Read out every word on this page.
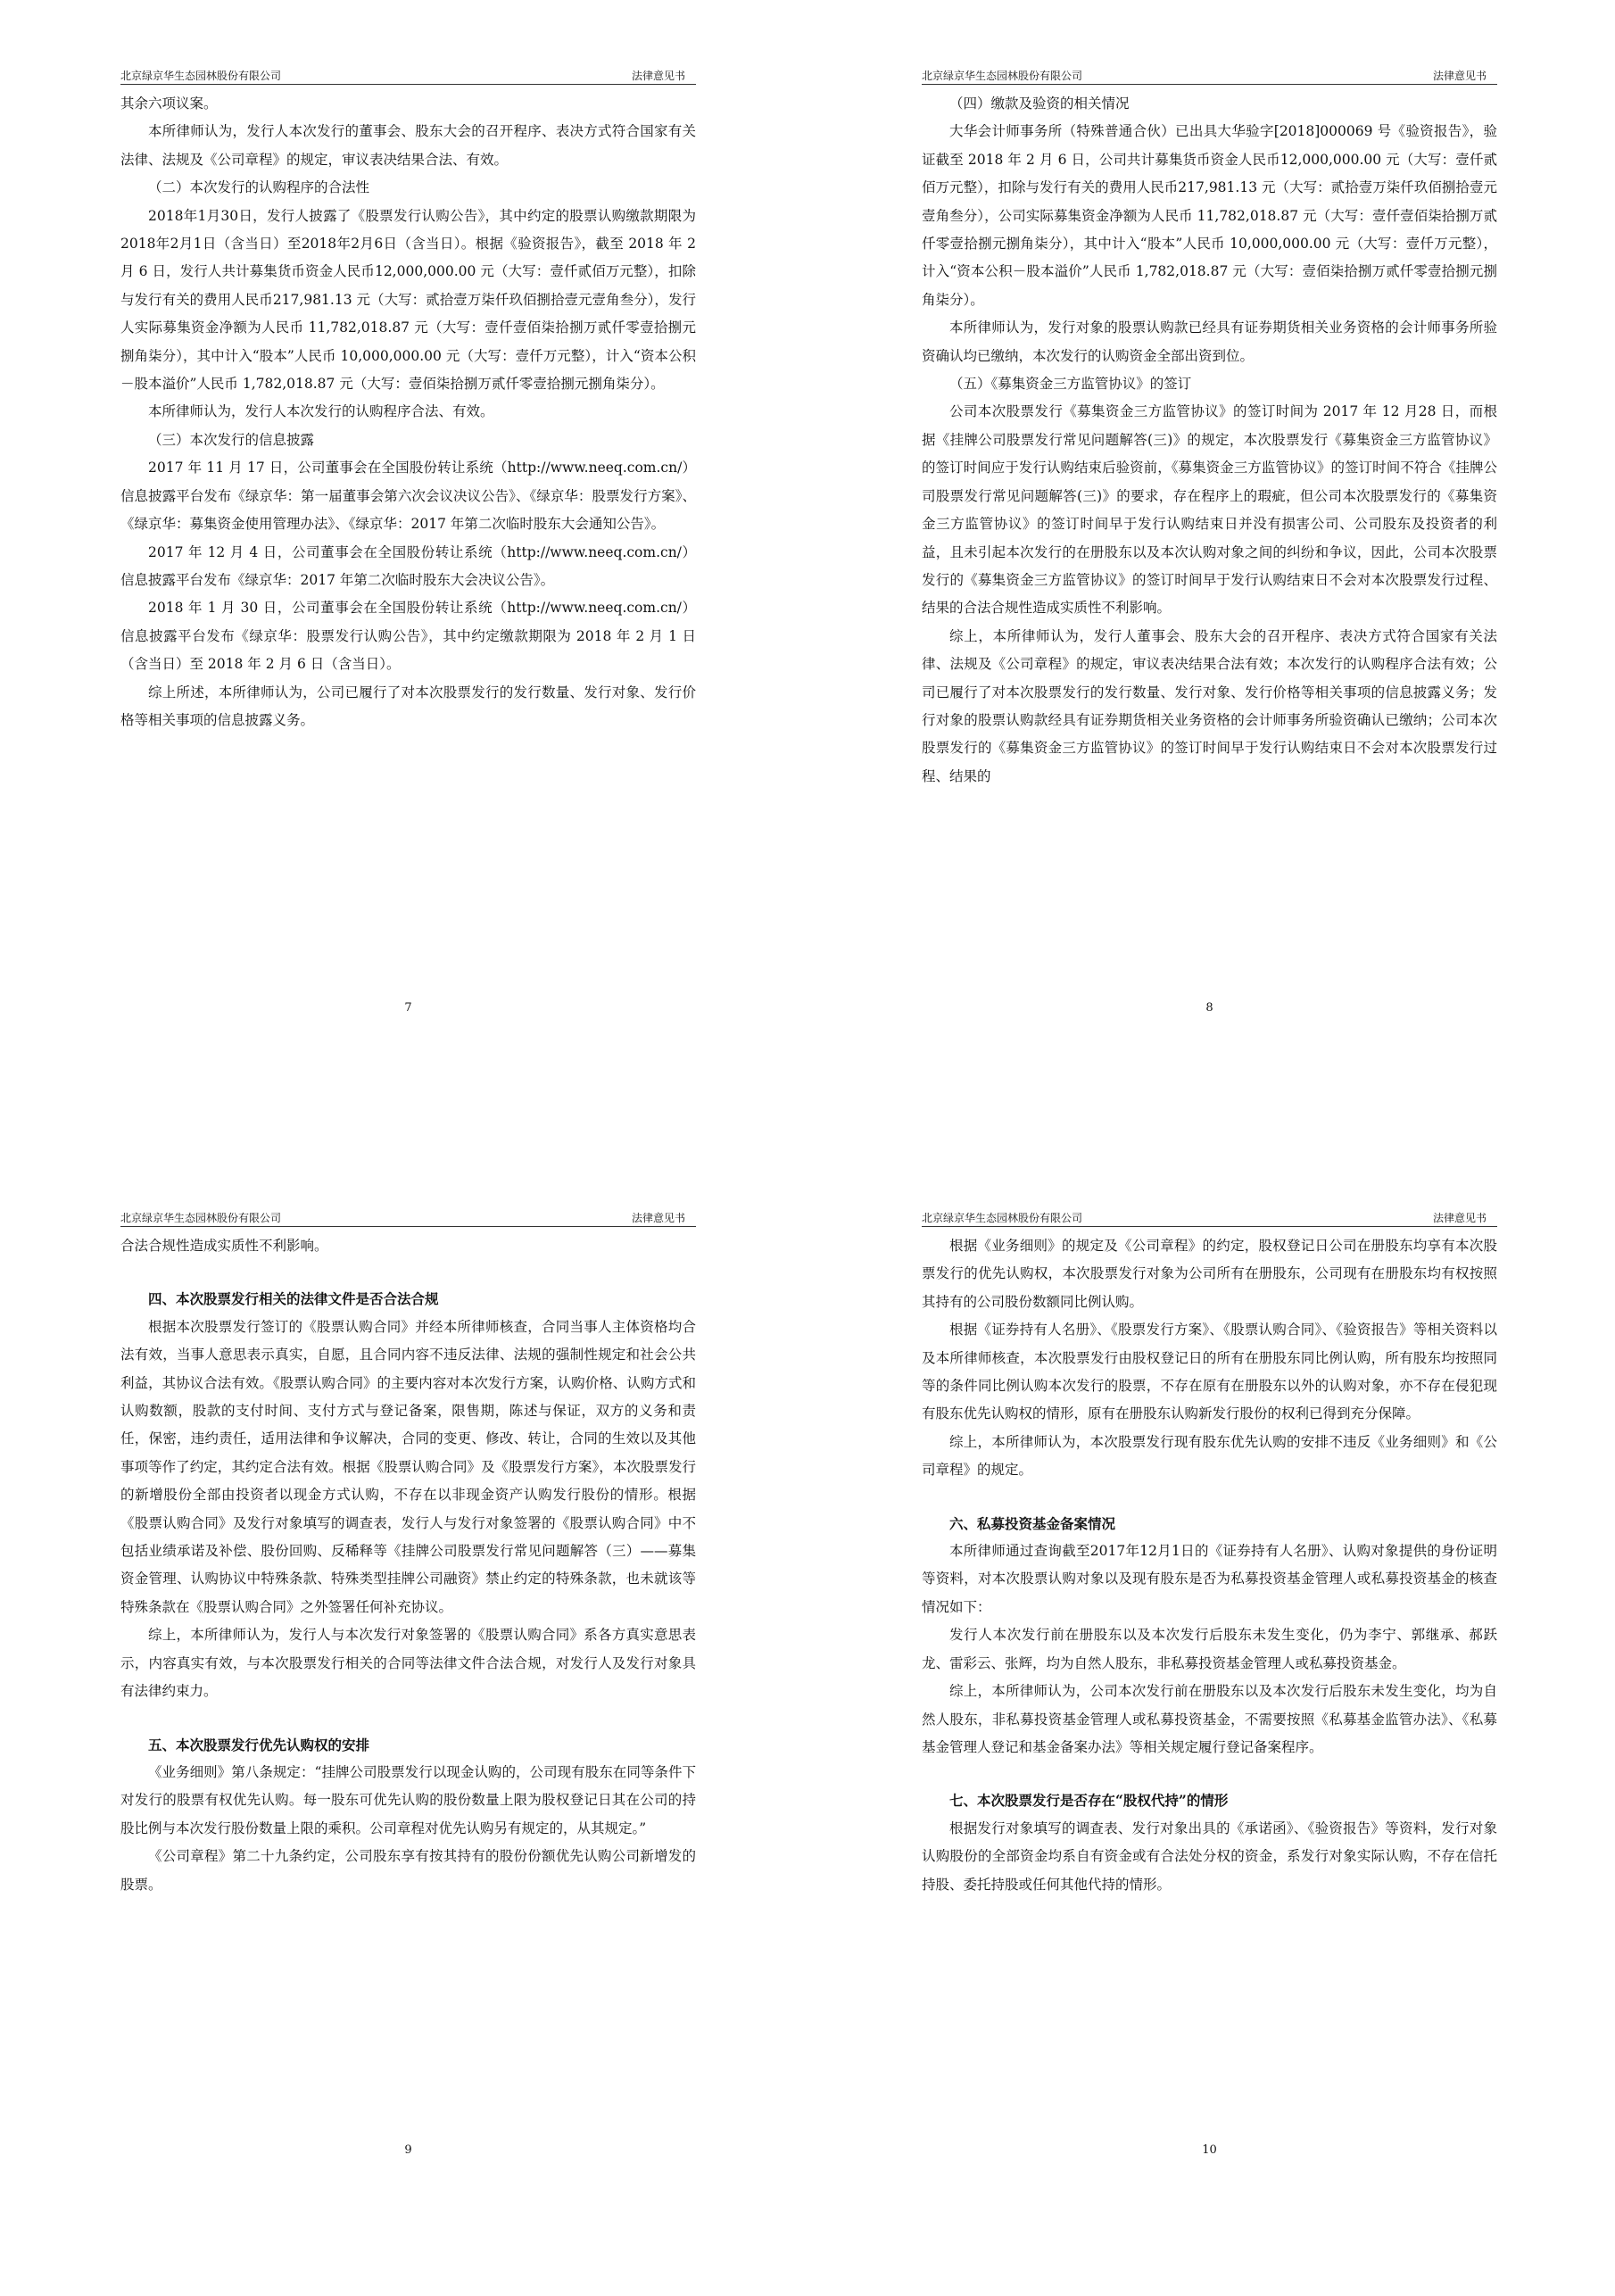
北京绿京华生态园林股份有限公司	法律意见书

其余六项议案。

本所律师认为，发行人本次发行的董事会、股东大会的召开程序、表决方式符合国家有关法律、法规及《公司章程》的规定，审议表决结果合法、有效。

（二）本次发行的认购程序的合法性

2018年1月30日，发行人披露了《股票发行认购公告》，其中约定的股票认购缴款期限为2018年2月1日（含当日）至2018年2月6日（含当日）。根据《验资报告》，截至 2018 年 2 月 6 日，发行人共计募集货币资金人民币12,000,000.00 元（大写：壹仟贰佰万元整），扣除与发行有关的费用人民币217,981.13 元（大写：贰拾壹万柒仟玖佰捌拾壹元壹角叁分），发行人实际募集资金净额为人民币 11,782,018.87 元（大写：壹仟壹佰柒拾捌万贰仟零壹拾捌元捌角柒分），其中计入“股本”人民币 10,000,000.00 元（大写：壹仟万元整），计入“资本公积－股本溢价”人民币 1,782,018.87 元（大写：壹佰柒拾捌万贰仟零壹拾捌元捌角柒分）。

本所律师认为，发行人本次发行的认购程序合法、有效。

（三）本次发行的信息披露

2017 年 11 月 17 日，公司董事会在全国股份转让系统（http://www.neeq.com.cn/）信息披露平台发布《绿京华：第一届董事会第六次会议决议公告》、《绿京华：股票发行方案》、《绿京华：募集资金使用管理办法》、《绿京华：2017 年第二次临时股东大会通知公告》。

2017 年 12 月 4 日，公司董事会在全国股份转让系统（http://www.neeq.com.cn/）信息披露平台发布《绿京华：2017 年第二次临时股东大会决议公告》。

2018 年 1 月 30 日，公司董事会在全国股份转让系统（http://www.neeq.com.cn/）信息披露平台发布《绿京华：股票发行认购公告》，其中约定缴款期限为 2018 年 2 月 1 日（含当日）至 2018 年 2 月 6 日（含当日）。

综上所述，本所律师认为，公司已履行了对本次股票发行的发行数量、发行对象、发行价格等相关事项的信息披露义务。

7
北京绿京华生态园林股份有限公司	法律意见书

（四）缴款及验资的相关情况

大华会计师事务所（特殊普通合伙）已出具大华验字[2018]000069 号《验资报告》，验证截至 2018 年 2 月 6 日，公司共计募集货币资金人民币12,000,000.00 元（大写：壹仟贰佰万元整），扣除与发行有关的费用人民币217,981.13 元（大写：贰拾壹万柒仟玖佰捌拾壹元壹角叁分），公司实际募集资金净额为人民币 11,782,018.87 元（大写：壹仟壹佰柒拾捌万贰仟零壹拾捌元捌角柒分），其中计入“股本”人民币 10,000,000.00 元（大写：壹仟万元整），计入“资本公积－股本溢价”人民币 1,782,018.87 元（大写：壹佰柒拾捌万贰仟零壹拾捌元捌角柒分）。

本所律师认为，发行对象的股票认购款已经具有证券期货相关业务资格的会计师事务所验资确认均已缴纳，本次发行的认购资金全部出资到位。

（五）《募集资金三方监管协议》的签订

公司本次股票发行《募集资金三方监管协议》的签订时间为 2017 年 12 月28 日，而根据《挂牌公司股票发行常见问题解答(三)》的规定，本次股票发行《募集资金三方监管协议》的签订时间应于发行认购结束后验资前，《募集资金三方监管协议》的签订时间不符合《挂牌公司股票发行常见问题解答(三)》的要求，存在程序上的瑕疵，但公司本次股票发行的《募集资金三方监管协议》的签订时间早于发行认购结束日并没有损害公司、公司股东及投资者的利益，且未引起本次发行的在册股东以及本次认购对象之间的纠纷和争议，因此，公司本次股票发行的《募集资金三方监管协议》的签订时间早于发行认购结束日不会对本次股票发行过程、结果的合法合规性造成实质性不利影响。

综上，本所律师认为，发行人董事会、股东大会的召开程序、表决方式符合国家有关法律、法规及《公司章程》的规定，审议表决结果合法有效；本次发行的认购程序合法有效；公司已履行了对本次股票发行的发行数量、发行对象、发行价格等相关事项的信息披露义务；发行对象的股票认购款经具有证券期货相关业务资格的会计师事务所验资确认已缴纳；公司本次股票发行的《募集资金三方监管协议》的签订时间早于发行认购结束日不会对本次股票发行过程、结果的

8
北京绿京华生态园林股份有限公司	法律意见书

合法合规性造成实质性不利影响。

四、本次股票发行相关的法律文件是否合法合规

根据本次股票发行签订的《股票认购合同》并经本所律师核查，合同当事人主体资格均合法有效，当事人意思表示真实，自愿，且合同内容不违反法律、法规的强制性规定和社会公共利益，其协议合法有效。《股票认购合同》的主要内容对本次发行方案，认购价格、认购方式和认购数额，股款的支付时间、支付方式与登记备案，限售期，陈述与保证，双方的义务和责任，保密，违约责任，适用法律和争议解决，合同的变更、修改、转让，合同的生效以及其他事项等作了约定，其约定合法有效。根据《股票认购合同》及《股票发行方案》，本次股票发行的新增股份全部由投资者以现金方式认购，不存在以非现金资产认购发行股份的情形。根据《股票认购合同》及发行对象填写的调查表，发行人与发行对象签署的《股票认购合同》中不包括业绩承诺及补偿、股份回购、反稀释等《挂牌公司股票发行常见问题解答（三）——募集资金管理、认购协议中特殊条款、特殊类型挂牌公司融资》禁止约定的特殊条款，也未就该等特殊条款在《股票认购合同》之外签署任何补充协议。

综上，本所律师认为，发行人与本次发行对象签署的《股票认购合同》系各方真实意思表示，内容真实有效，与本次股票发行相关的合同等法律文件合法合规，对发行人及发行对象具有法律约束力。

五、本次股票发行优先认购权的安排

《业务细则》第八条规定：“挂牌公司股票发行以现金认购的，公司现有股东在同等条件下对发行的股票有权优先认购。每一股东可优先认购的股份数量上限为股权登记日其在公司的持股比例与本次发行股份数量上限的乘积。公司章程对优先认购另有规定的，从其规定。”

《公司章程》第二十九条约定，公司股东享有按其持有的股份份额优先认购公司新增发的股票。

9
北京绿京华生态园林股份有限公司	法律意见书

根据《业务细则》的规定及《公司章程》的约定，股权登记日公司在册股东均享有本次股票发行的优先认购权，本次股票发行对象为公司所有在册股东，公司现有在册股东均有权按照其持有的公司股份数额同比例认购。

根据《证券持有人名册》、《股票发行方案》、《股票认购合同》、《验资报告》等相关资料以及本所律师核查，本次股票发行由股权登记日的所有在册股东同比例认购，所有股东均按照同等的条件同比例认购本次发行的股票，不存在原有在册股东以外的认购对象，亦不存在侵犯现有股东优先认购权的情形，原有在册股东认购新发行股份的权利已得到充分保障。

综上，本所律师认为，本次股票发行现有股东优先认购的安排不违反《业务细则》和《公司章程》的规定。

六、私募投资基金备案情况

本所律师通过查询截至2017年12月1日的《证券持有人名册》、认购对象提供的身份证明等资料，对本次股票认购对象以及现有股东是否为私募投资基金管理人或私募投资基金的核查情况如下：

发行人本次发行前在册股东以及本次发行后股东未发生变化，仍为李宁、郭继承、郝跃龙、雷彩云、张辉，均为自然人股东，非私募投资基金管理人或私募投资基金。

综上，本所律师认为，公司本次发行前在册股东以及本次发行后股东未发生变化，均为自然人股东，非私募投资基金管理人或私募投资基金，不需要按照《私募基金监管办法》、《私募基金管理人登记和基金备案办法》等相关规定履行登记备案程序。

七、本次股票发行是否存在“股权代持”的情形

根据发行对象填写的调查表、发行对象出具的《承诺函》、《验资报告》等资料，发行对象认购股份的全部资金均系自有资金或有合法处分权的资金，系发行对象实际认购，不存在信托持股、委托持股或任何其他代持的情形。

10
